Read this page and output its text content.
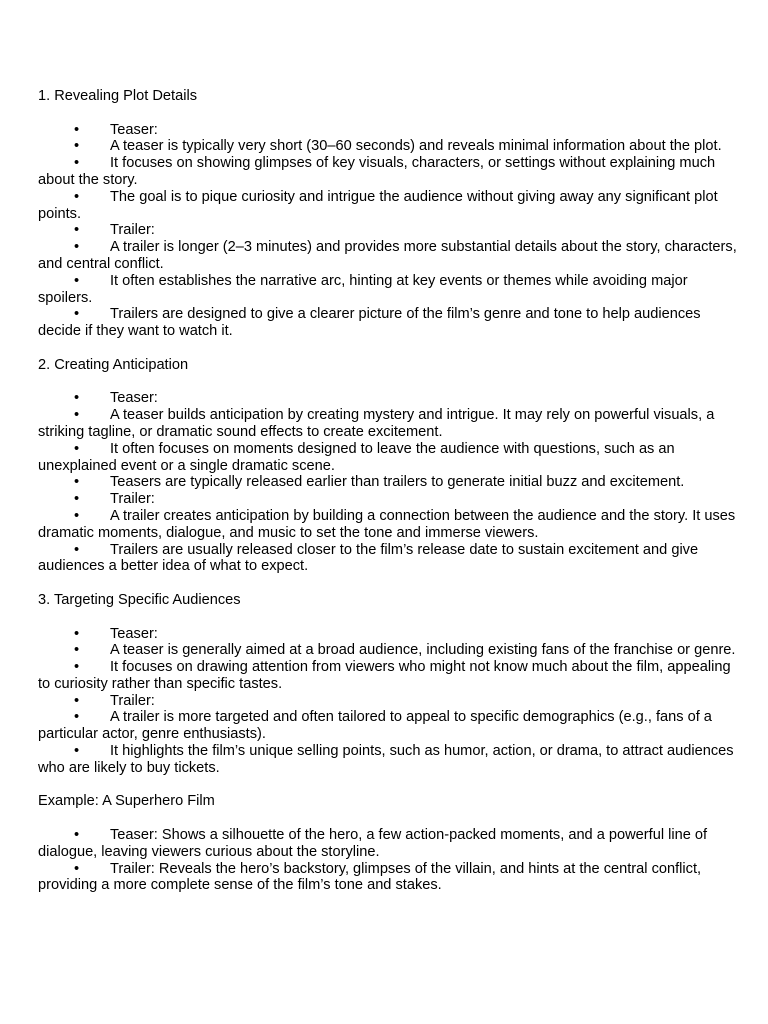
1. Revealing Plot Details
• Teaser:
• A teaser is typically very short (30–60 seconds) and reveals minimal information about the plot.
• It focuses on showing glimpses of key visuals, characters, or settings without explaining much about the story.
• The goal is to pique curiosity and intrigue the audience without giving away any significant plot points.
• Trailer:
• A trailer is longer (2–3 minutes) and provides more substantial details about the story, characters, and central conflict.
• It often establishes the narrative arc, hinting at key events or themes while avoiding major spoilers.
• Trailers are designed to give a clearer picture of the film’s genre and tone to help audiences decide if they want to watch it.
2. Creating Anticipation
• Teaser:
• A teaser builds anticipation by creating mystery and intrigue. It may rely on powerful visuals, a striking tagline, or dramatic sound effects to create excitement.
• It often focuses on moments designed to leave the audience with questions, such as an unexplained event or a single dramatic scene.
• Teasers are typically released earlier than trailers to generate initial buzz and excitement.
• Trailer:
• A trailer creates anticipation by building a connection between the audience and the story. It uses dramatic moments, dialogue, and music to set the tone and immerse viewers.
• Trailers are usually released closer to the film’s release date to sustain excitement and give audiences a better idea of what to expect.
3. Targeting Specific Audiences
• Teaser:
• A teaser is generally aimed at a broad audience, including existing fans of the franchise or genre.
• It focuses on drawing attention from viewers who might not know much about the film, appealing to curiosity rather than specific tastes.
• Trailer:
• A trailer is more targeted and often tailored to appeal to specific demographics (e.g., fans of a particular actor, genre enthusiasts).
• It highlights the film’s unique selling points, such as humor, action, or drama, to attract audiences who are likely to buy tickets.
Example: A Superhero Film
• Teaser: Shows a silhouette of the hero, a few action-packed moments, and a powerful line of dialogue, leaving viewers curious about the storyline.
• Trailer: Reveals the hero’s backstory, glimpses of the villain, and hints at the central conflict, providing a more complete sense of the film’s tone and stakes.
